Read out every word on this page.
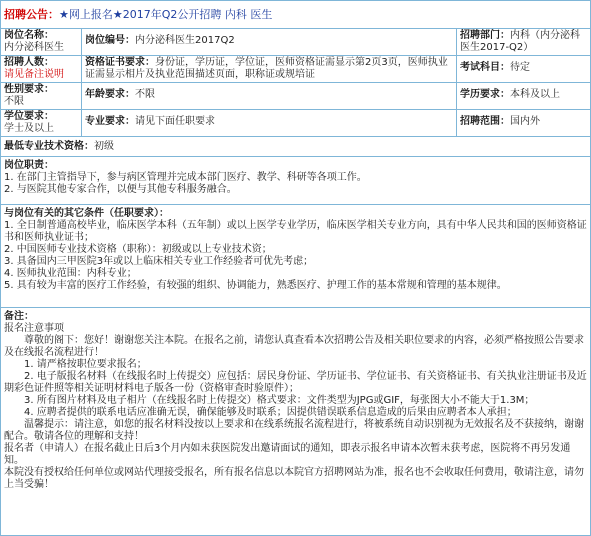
招聘公告：★网上报名★2017年Q2公开招聘 内科 医生
岗位名称：
内分泌科医生
岗位编号：内分泌科医生2017Q2	招聘部门：内科（内分泌科医生2017-Q2）
招聘人数：
请见备注说明
资格证书要求：身份证，学历证，学位证，医师资格证需显示第2页3页，医师执业证需显示相片及执业范围描述页面，职称证或规培证
考试科目：待定
性别要求：
不限
年龄要求：不限	学历要求：本科及以上
学位要求：
学士及以上
专业要求：请见下面任职要求	招聘范围：国内外
最低专业技术资格：初级
岗位职责：
1. 在部门主管指导下，参与病区管理并完成本部门医疗、教学、科研等各项工作。
2. 与医院其他专家合作，以便与其他专科服务融合。
与岗位有关的其它条件（任职要求）：
1. 全日制普通高校毕业，临床医学本科（五年制）或以上医学专业学历，临床医学相关专业方向，具有中华人民共和国的医师资格证书和医师执业证书；
2. 中国医师专业技术资格（职称）：初级或以上专业技术资；
3. 具备国内三甲医院3年或以上临床相关专业工作经验者可优先考虑；
4. 医师执业范围：内科专业；
5. 具有较为丰富的医疗工作经验，有较强的组织、协调能力，熟悉医疗、护理工作的基本常规和管理的基本规律。
备注：
报名注意事项
尊敬的阁下：您好！谢谢您关注本院。在报名之前，请您认真查看本次招聘公告及相关职位要求的内容，必须严格按照公告要求及在线报名流程进行！
1. 请严格按职位要求报名；
2. 电子版报名材料（在线报名时上传提交）应包括：居民身份证、学历证书、学位证书、有关资格证书、有关执业注册证书及近期彩色证件照等相关证明材料电子版各一份（资格审查时验原件）；
3. 所有图片材料及电子相片（在线报名时上传提交）格式要求：文件类型为JPG或GIF，每张图大小不能大于1.3M；
4. 应聘者提供的联系电话应准确无误，确保能够及时联系；因提供错误联系信息造成的后果由应聘者本人承担；
温馨提示：请注意，如您的报名材料没按以上要求和在线系统报名流程进行，将被系统自动识别视为无效报名及不获接纳，谢谢配合。敬请各位的理解和支持！
报名者（申请人）在报名截止日后3个月内如未获医院发出邀请面试的通知，即表示报名申请本次暂未获考虑，医院将不再另发通知。
本院没有授权给任何单位或网站代理接受报名，所有报名信息以本院官方招聘网站为准，报名也不会收取任何费用，敬请注意，请勿上当受骗！
